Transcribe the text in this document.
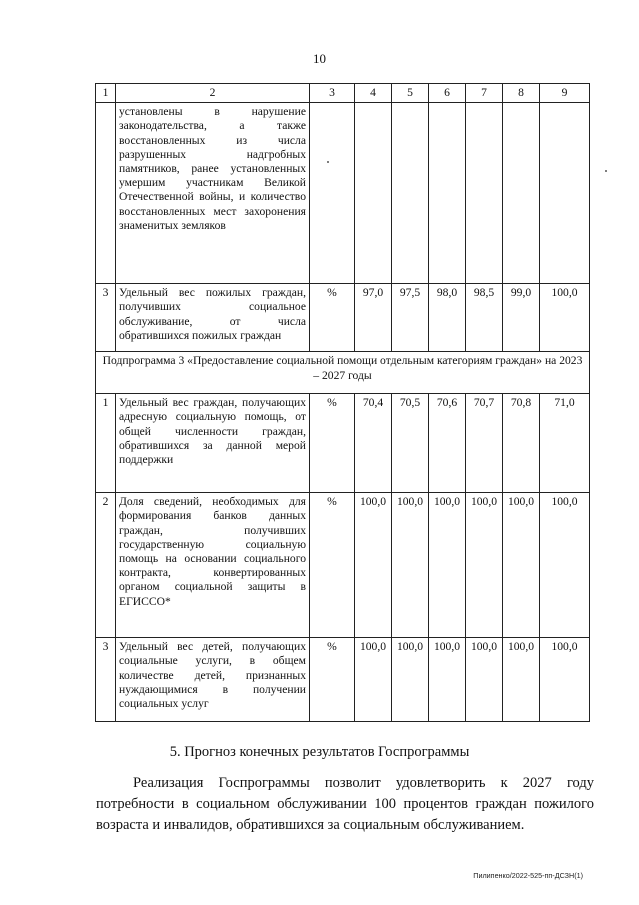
10
1	2	3	4	5	6	7	8	9
	установлены в нарушение законодательства, а также восстановленных из числа разрушенных надгробных памятников, ранее установленных умершим участникам Великой Отечественной войны, и количество восстановленных мест захоронения знаменитых земляков							
3	Удельный вес пожилых граждан, получивших социальное обслуживание, от числа обратившихся пожилых граждан	%	97,0	97,5	98,0	98,5	99,0	100,0
Подпрограмма 3 «Предоставление социальной помощи отдельным категориям граждан» на 2023 – 2027 годы								
1	Удельный вес граждан, получающих адресную социальную помощь, от общей численности граждан, обратившихся за данной мерой поддержки	%	70,4	70,5	70,6	70,7	70,8	71,0
2	Доля сведений, необходимых для формирования банков данных граждан, получивших государственную социальную помощь на основании социального контракта, конвертированных органом социальной защиты в ЕГИССО*	%	100,0	100,0	100,0	100,0	100,0	100,0
3	Удельный вес детей, получающих социальные услуги, в общем количестве детей, признанных нуждающимися в получении социальных услуг	%	100,0	100,0	100,0	100,0	100,0	100,0
5. Прогноз конечных результатов Госпрограммы
Реализация Госпрограммы позволит удовлетворить к 2027 году потребности в социальном обслуживании 100 процентов граждан пожилого возраста и инвалидов, обратившихся за социальным обслуживанием.
Пилипенко/2022-525-пп-ДСЗН(1)
